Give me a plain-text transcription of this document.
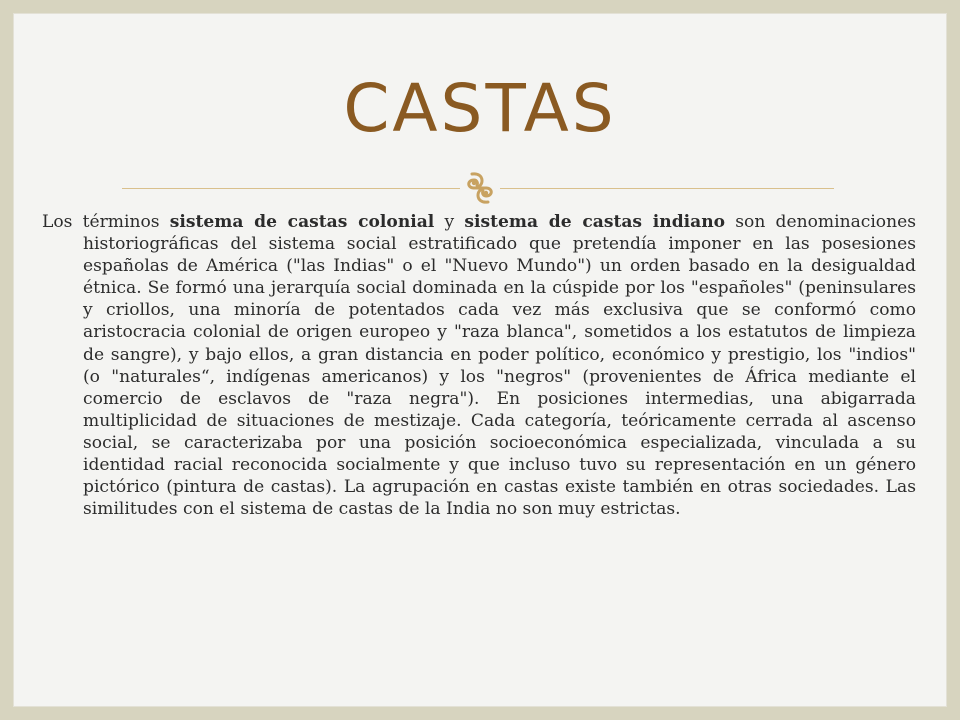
CASTAS

Los términos sistema de castas colonial y sistema de castas indiano son denominaciones historiográficas del sistema social estratificado que pretendía imponer en las posesiones españolas de América ("las Indias" o el "Nuevo Mundo") un orden basado en la desigualdad étnica. Se formó una jerarquía social dominada en la cúspide por los "españoles" (peninsulares y criollos, una minoría de potentados cada vez más exclusiva que se conformó como aristocracia colonial de origen europeo y "raza blanca", sometidos a los estatutos de limpieza de sangre), y bajo ellos, a gran distancia en poder político, económico y prestigio, los "indios" (o "naturales“, indígenas americanos) y los "negros" (provenientes de África mediante el comercio de esclavos de "raza negra"). En posiciones intermedias, una abigarrada multiplicidad de situaciones de mestizaje. Cada categoría, teóricamente cerrada al ascenso social, se caracterizaba por una posición socioeconómica especializada, vinculada a su identidad racial reconocida socialmente y que incluso tuvo su representación en un género pictórico (pintura de castas). La agrupación en castas existe también en otras sociedades. Las similitudes con el sistema de castas de la India no son muy estrictas.
